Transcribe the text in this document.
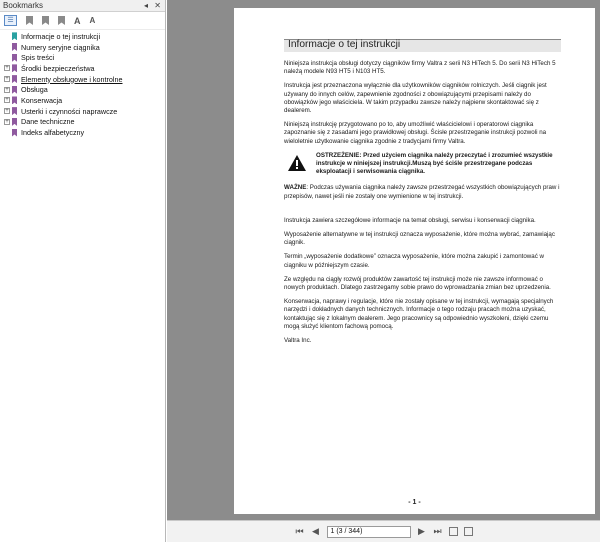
Bookmarks	◂ ✕
☰	A A
Informacje o tej instrukcji
Numery seryjne ciągnika
Spis treści
+ Środki bezpieczeństwa
+ Elementy obsługowe i kontrolne
+ Obsługa
+ Konserwacja
+ Usterki i czynności naprawcze
+ Dane techniczne
Indeks alfabetyczny
Informacje o tej instrukcji

Niniejsza instrukcja obsługi dotyczy ciągników firmy Valtra z serii N3 HiTech 5. Do serii N3 HiTech 5 należą modele N93 HT5 i N103 HT5.

Instrukcja jest przeznaczona wyłącznie dla użytkowników ciągników rolniczych. Jeśli ciągnik jest używany do innych celów, zapewnienie zgodności z obowiązującymi przepisami należy do obowiązków jego właściciela. W takim przypadku zawsze należy najpierw skontaktować się z dealerem.

Niniejszą instrukcję przygotowano po to, aby umożliwić właścicielowi i operatorowi ciągnika zapoznanie się z zasadami jego prawidłowej obsługi. Ścisłe przestrzeganie instrukcji pozwoli na wieloletnie użytkowanie ciągnika zgodnie z tradycjami firmy Valtra.

OSTRZEŻENIE: Przed użyciem ciągnika należy przeczytać i zrozumieć wszystkie instrukcje w niniejszej instrukcji.Muszą być ściśle przestrzegane podczas eksploatacji i serwisowania ciągnika.

WAŻNE: Podczas używania ciągnika należy zawsze przestrzegać wszystkich obowiązujących praw i przepisów, nawet jeśli nie zostały one wymienione w tej instrukcji.

Instrukcja zawiera szczegółowe informacje na temat obsługi, serwisu i konserwacji ciągnika.

Wyposażenie alternatywne w tej instrukcji oznacza wyposażenie, które można wybrać, zamawiając ciągnik.

Termin „wyposażenie dodatkowe” oznacza wyposażenie, które można zakupić i zamontować w ciągniku w późniejszym czasie.

Ze względu na ciągły rozwój produktów zawartość tej instrukcji może nie zawsze informować o nowych produktach. Dlatego zastrzegamy sobie prawo do wprowadzania zmian bez uprzedzenia.

Konserwacja, naprawy i regulacje, które nie zostały opisane w tej instrukcji, wymagają specjalnych narzędzi i dokładnych danych technicznych. Informacje o tego rodzaju pracach można uzyskać, kontaktując się z lokalnym dealerem. Jego pracownicy są odpowiednio wyszkoleni, dzięki czemu mogą służyć klientom fachową pomocą.

Valtra Inc.

- 1 -
⏮ ◀	1 (3 / 344)	▶ ⏭
